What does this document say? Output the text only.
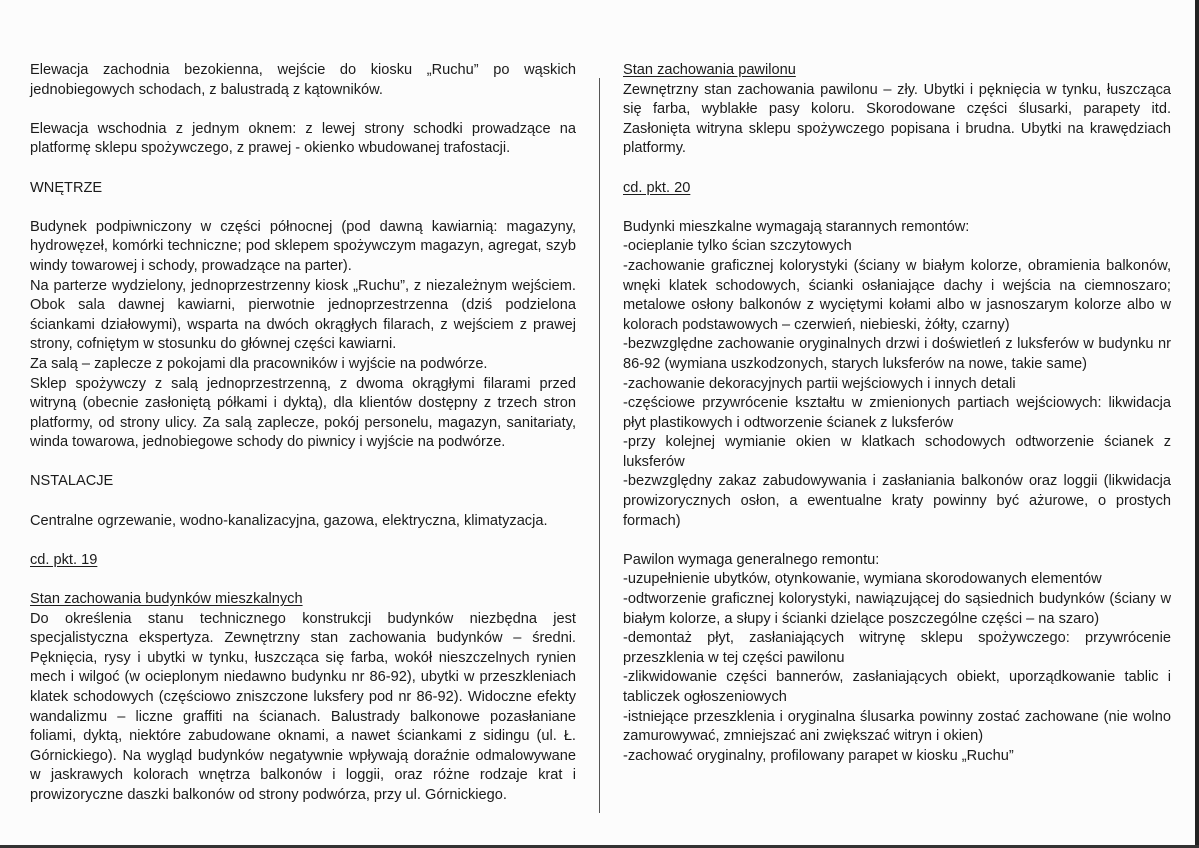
Elewacja zachodnia bezokienna, wejście do kiosku „Ruchu” po wąskich jednobiegowych schodach, z balustradą z kątowników.

Elewacja wschodnia z jednym oknem: z lewej strony schodki prowadzące na platformę sklepu spożywczego, z prawej - okienko wbudowanej trafostacji.

WNĘTRZE

Budynek podpiwniczony w części północnej (pod dawną kawiarnią: magazyny, hydrowęzeł, komórki techniczne; pod sklepem spożywczym magazyn, agregat, szyb windy towarowej i schody, prowadzące na parter).

Na parterze wydzielony, jednoprzestrzenny kiosk „Ruchu”, z niezależnym wejściem. Obok sala dawnej kawiarni, pierwotnie jednoprzestrzenna (dziś podzielona ściankami działowymi), wsparta na dwóch okrągłych filarach, z wejściem z prawej strony, cofniętym w stosunku do głównej części kawiarni.

Za salą – zaplecze z pokojami dla pracowników i wyjście na podwórze.

Sklep spożywczy z salą jednoprzestrzenną, z dwoma okrągłymi filarami przed witryną (obecnie zasłoniętą półkami i dyktą), dla klientów dostępny z trzech stron platformy, od strony ulicy. Za salą zaplecze, pokój personelu, magazyn, sanitariaty, winda towarowa, jednobiegowe schody do piwnicy i wyjście na podwórze.

NSTALACJE

Centralne ogrzewanie, wodno-kanalizacyjna, gazowa, elektryczna, klimatyzacja.

cd. pkt. 19

Stan zachowania budynków mieszkalnych

Do określenia stanu technicznego konstrukcji budynków niezbędna jest specjalistyczna ekspertyza. Zewnętrzny stan zachowania budynków – średni. Pęknięcia, rysy i ubytki w tynku, łuszcząca się farba, wokół nieszczelnych rynien mech i wilgoć (w ocieplonym niedawno budynku nr 86-92), ubytki w przeszkleniach klatek schodowych (częściowo zniszczone luksfery pod nr 86-92). Widoczne efekty wandalizmu – liczne graffiti na ścianach. Balustrady balkonowe pozasłaniane foliami, dyktą, niektóre zabudowane oknami, a nawet ściankami z sidingu (ul. Ł. Górnickiego). Na wygląd budynków negatywnie wpływają doraźnie odmalowywane w jaskrawych kolorach wnętrza balkonów i loggii, oraz różne rodzaje krat i prowizoryczne daszki balkonów od strony podwórza, przy ul. Górnickiego.

Stan zachowania pawilonu

Zewnętrzny stan zachowania pawilonu – zły. Ubytki i pęknięcia w tynku, łuszcząca się farba, wyblakłe pasy koloru. Skorodowane części ślusarki, parapety itd. Zasłonięta witryna sklepu spożywczego popisana i brudna. Ubytki na krawędziach platformy.

cd. pkt. 20

Budynki mieszkalne wymagają starannych remontów:

-ocieplanie tylko ścian szczytowych

-zachowanie graficznej kolorystyki (ściany w białym kolorze, obramienia balkonów, wnęki klatek schodowych, ścianki osłaniające dachy i wejścia na ciemnoszaro; metalowe osłony balkonów z wyciętymi kołami albo w jasnoszarym kolorze albo w kolorach podstawowych – czerwień, niebieski, żółty, czarny)

-bezwzględne zachowanie oryginalnych drzwi i doświetleń z luksferów w budynku nr 86-92 (wymiana uszkodzonych, starych luksferów na nowe, takie same)

-zachowanie dekoracyjnych partii wejściowych i innych detali

-częściowe przywrócenie kształtu w zmienionych partiach wejściowych: likwidacja płyt plastikowych i odtworzenie ścianek z luksferów

-przy kolejnej wymianie okien w klatkach schodowych odtworzenie ścianek z luksferów

-bezwzględny zakaz zabudowywania i zasłaniania balkonów oraz loggii (likwidacja prowizorycznych osłon, a ewentualne kraty powinny być ażurowe, o prostych formach)

Pawilon wymaga generalnego remontu:

-uzupełnienie ubytków, otynkowanie, wymiana skorodowanych elementów

-odtworzenie graficznej kolorystyki, nawiązującej do sąsiednich budynków (ściany w białym kolorze, a słupy i ścianki dzielące poszczególne części – na szaro)

-demontaż płyt, zasłaniających witrynę sklepu spożywczego: przywrócenie przeszklenia w tej części pawilonu

-zlikwidowanie części bannerów, zasłaniających obiekt, uporządkowanie tablic i tabliczek ogłoszeniowych

-istniejące przeszklenia i oryginalna ślusarka powinny zostać zachowane (nie wolno zamurowywać, zmniejszać ani zwiększać witryn i okien)

-zachować oryginalny, profilowany parapet w kiosku „Ruchu”
